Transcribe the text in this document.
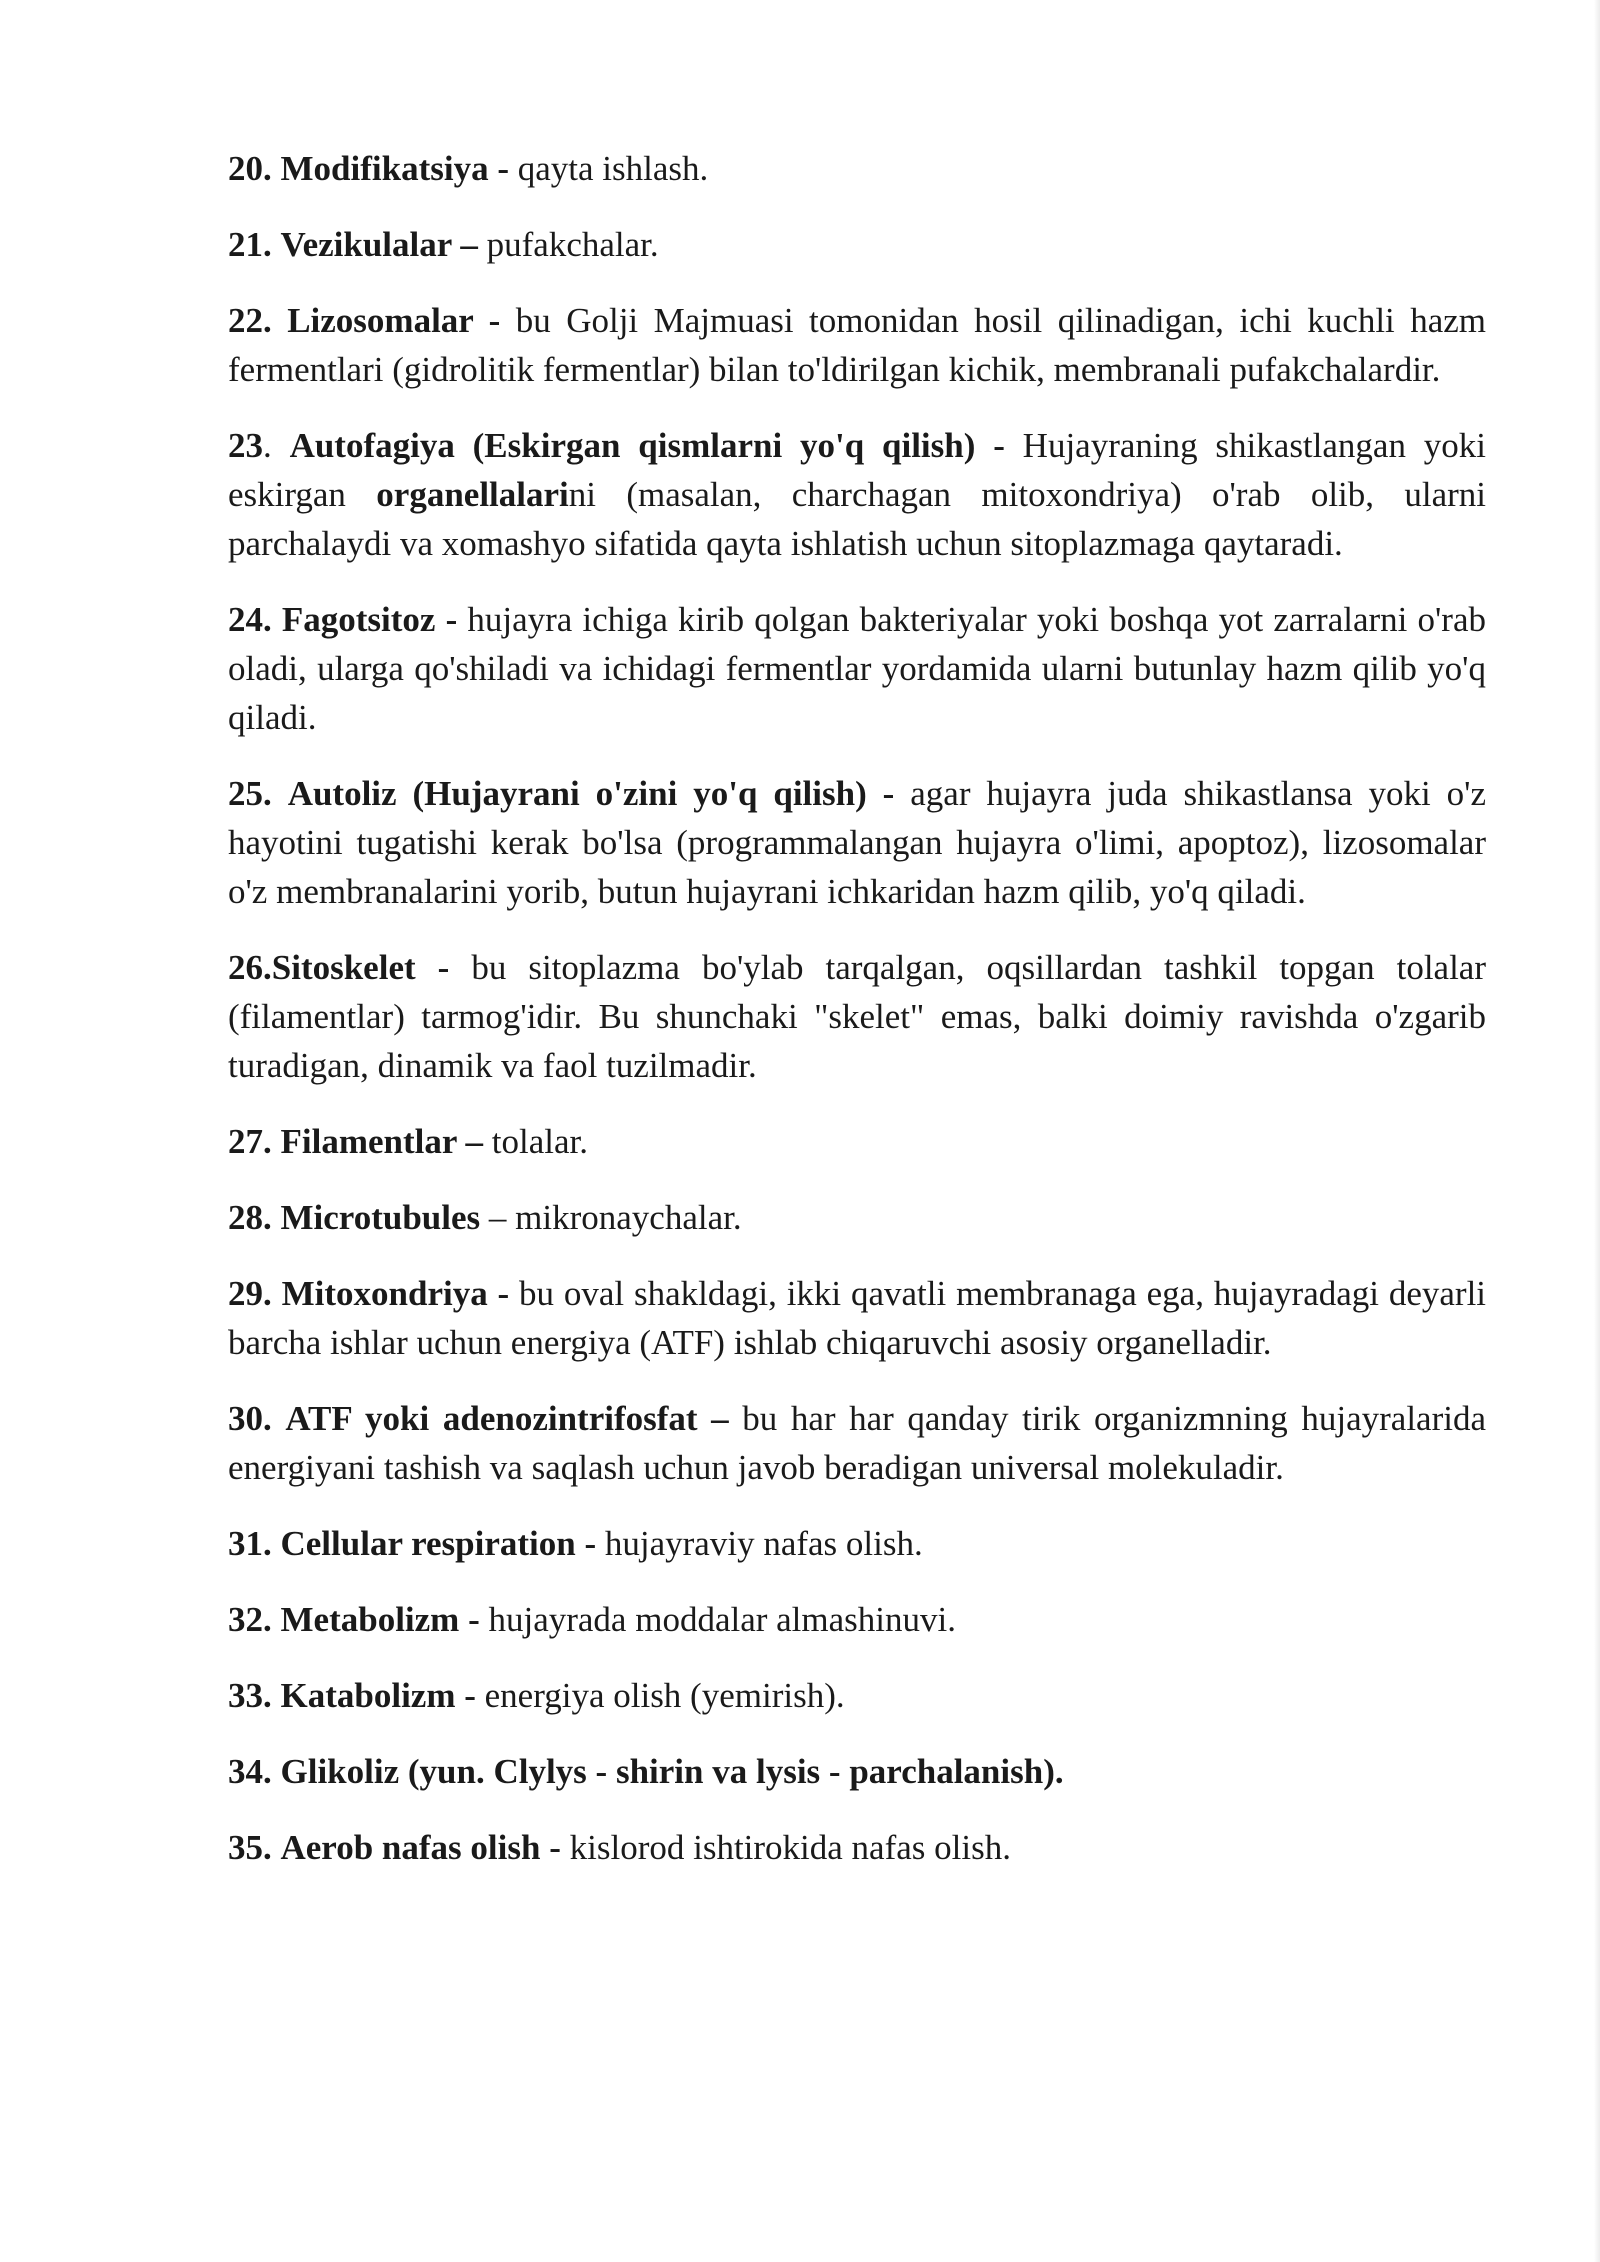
20. Modifikatsiya - qayta ishlash.

21. Vezikulalar – pufakchalar.

22. Lizosomalar - bu Golji Majmuasi tomonidan hosil qilinadigan, ichi kuchli hazm fermentlari (gidrolitik fermentlar) bilan to'ldirilgan kichik, membranali pufakchalardir.

23. Autofagiya (Eskirgan qismlarni yo'q qilish) - Hujayraning shikastlangan yoki eskirgan organellalarini (masalan, charchagan mitoxondriya) o'rab olib, ularni parchalaydi va xomashyo sifatida qayta ishlatish uchun sitoplazmaga qaytaradi.

24. Fagotsitoz - hujayra ichiga kirib qolgan bakteriyalar yoki boshqa yot zarralarni o'rab oladi, ularga qo'shiladi va ichidagi fermentlar yordamida ularni butunlay hazm qilib yo'q qiladi.

25. Autoliz (Hujayrani o'zini yo'q qilish) - agar hujayra juda shikastlansa yoki o'z hayotini tugatishi kerak bo'lsa (programmalangan hujayra o'limi, apoptoz), lizosomalar o'z membranalarini yorib, butun hujayrani ichkaridan hazm qilib, yo'q qiladi.

26.Sitoskelet - bu sitoplazma bo'ylab tarqalgan, oqsillardan tashkil topgan tolalar (filamentlar) tarmog'idir. Bu shunchaki "skelet" emas, balki doimiy ravishda o'zgarib turadigan, dinamik va faol tuzilmadir.

27. Filamentlar – tolalar.

28. Microtubules – mikronaychalar.

29. Mitoxondriya - bu oval shakldagi, ikki qavatli membranaga ega, hujayradagi deyarli barcha ishlar uchun energiya (ATF) ishlab chiqaruvchi asosiy organelladir.

30. ATF yoki adenozintrifosfat – bu har har qanday tirik organizmning hujayralarida energiyani tashish va saqlash uchun javob beradigan universal molekuladir.

31. Cellular respiration - hujayraviy nafas olish.

32. Metabolizm - hujayrada moddalar almashinuvi.

33. Katabolizm - energiya olish (yemirish).

34. Glikoliz (yun. Clylys - shirin va lysis - parchalanish).

35. Aerob nafas olish - kislorod ishtirokida nafas olish.
